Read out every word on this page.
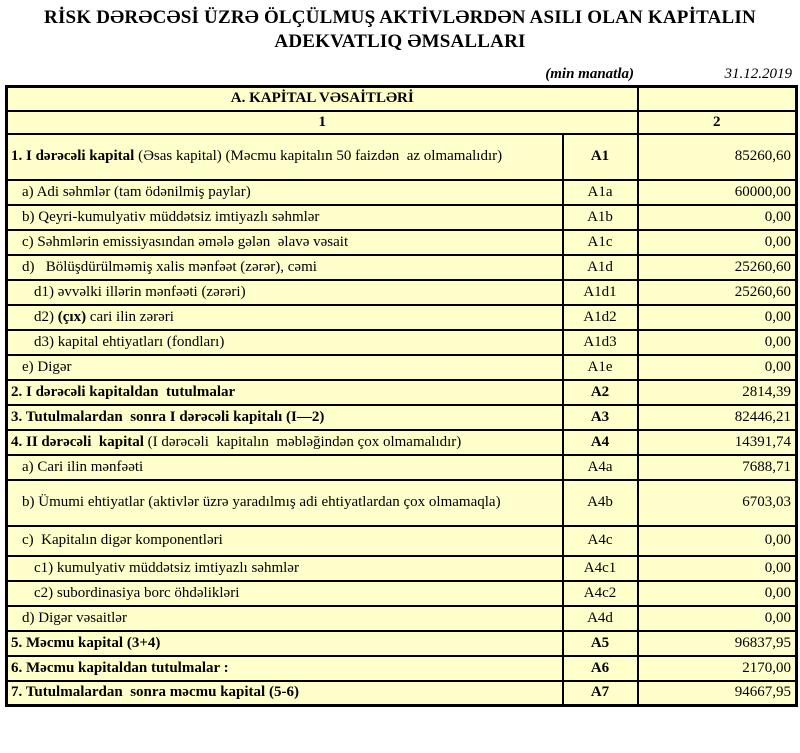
RİSK DƏRƏCƏSİ ÜZRƏ ÖLÇÜLMUŞ AKTİVLƏRDƏN ASILI OLAN KAPİTALIN
ADEKVATLIQ ƏMSALLARI
(min manatla)	31.12.2019
A. KAPİTAL VƏSAİTLƏRİ		
1		2
1. I dərəcəli kapital (Əsas kapital) (Məcmu kapitalın 50 faizdən  az olmamalıdır)	A1	85260,60
a) Adi səhmlər (tam ödənilmiş paylar)	A1a	60000,00
b) Qeyri-kumulyativ müddətsiz imtiyazlı səhmlər	A1b	0,00
c) Səhmlərin emissiyasından əmələ gələn  əlavə vəsait	A1c	0,00
d)   Bölüşdürülməmiş xalis mənfəət (zərər), cəmi	A1d	25260,60
d1) əvvəlki illərin mənfəəti (zərəri)	A1d1	25260,60
d2) (çıx) cari ilin zərəri	A1d2	0,00
d3) kapital ehtiyatları (fondları)	A1d3	0,00
e) Digər	A1e	0,00
2. I dərəcəli kapitaldan  tutulmalar	A2	2814,39
3. Tutulmalardan  sonra I dərəcəli kapitalı (I—2)	A3	82446,21
4. II dərəcəli  kapital (I dərəcəli  kapitalın  məbləğindən çox olmamalıdır)	A4	14391,74
a) Cari ilin mənfəəti	A4a	7688,71
b) Ümumi ehtiyatlar (aktivlər üzrə yaradılmış adi ehtiyatlardan çox olmamaqla)	A4b	6703,03
c)  Kapitalın digər komponentləri	A4c	0,00
c1) kumulyativ müddətsiz imtiyazlı səhmlər	A4c1	0,00
c2) subordinasiya borc öhdəlikləri	A4c2	0,00
d) Digər vəsaitlər	A4d	0,00
5. Məcmu kapital (3+4)	A5	96837,95
6. Məcmu kapitaldan tutulmalar :	A6	2170,00
7. Tutulmalardan  sonra məcmu kapital (5-6)	A7	94667,95
